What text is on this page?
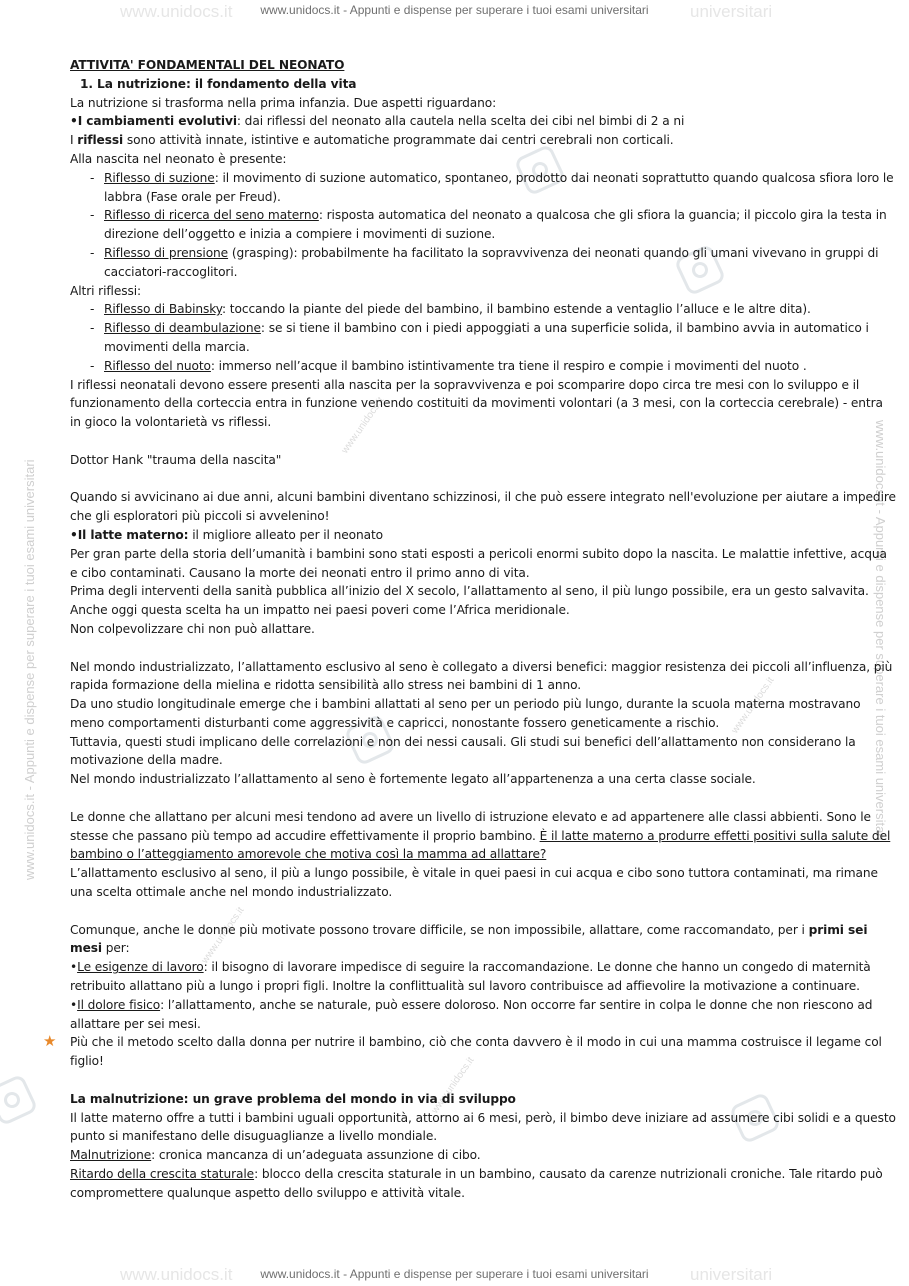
www.unidocs.it - Appunti e dispense per superare i tuoi esami universitari
www.unidocs.it - Appunti e dispense per superare i tuoi esami universitari
www.unidocs.it	universitari
www.unidocs.it	universitari
www.unidocs.it - Appunti e dispense per superare i tuoi esami universitari	www.unidocs.it - Appunti e dispense per superare i tuoi esami universitari
www.unidocs.it
www.unidocs.it
www.unidocs.it
www.unidocs.it
★

ATTIVITA' FONDAMENTALI DEL NEONATO

1. La nutrizione: il fondamento della vita

La nutrizione si trasforma nella prima infanzia. Due aspetti riguardano:

•I cambiamenti evolutivi: dai riflessi del neonato alla cautela nella scelta dei cibi nel bimbi di 2 a ni

I riflessi sono attività innate, istintive e automatiche programmate dai centri cerebrali non corticali.

Alla nascita nel neonato è presente:

- Riflesso di suzione: il movimento di suzione automatico, spontaneo, prodotto dai neonati soprattutto quando qualcosa sfiora loro le labbra (Fase orale per Freud).

- Riflesso di ricerca del seno materno: risposta automatica del neonato a qualcosa che gli sfiora la guancia; il piccolo gira la testa in direzione dell’oggetto e inizia a compiere i movimenti di suzione.

- Riflesso di prensione (grasping): probabilmente ha facilitato la sopravvivenza dei neonati quando gli umani vivevano in gruppi di cacciatori-raccoglitori.

Altri riflessi:

- Riflesso di Babinsky: toccando la piante del piede del bambino, il bambino estende a ventaglio l’alluce e le altre dita).

- Riflesso di deambulazione: se si tiene il bambino con i piedi appoggiati a una superficie solida, il bambino avvia in automatico i movimenti della marcia.

- Riflesso del nuoto: immerso nell’acque il bambino istintivamente tra tiene il respiro e compie i movimenti del nuoto .

I riflessi neonatali devono essere presenti alla nascita per la sopravvivenza e poi scomparire dopo circa tre mesi con lo sviluppo e il funzionamento della corteccia entra in funzione venendo costituiti da movimenti volontari (a 3 mesi, con la corteccia cerebrale) - entra in gioco la volontarietà vs riflessi.

Dottor Hank "trauma della nascita"

Quando si avvicinano ai due anni, alcuni bambini diventano schizzinosi, il che può essere integrato nell'evoluzione per aiutare a impedire che gli esploratori più piccoli si avvelenino!

•Il latte materno: il migliore alleato per il neonato

Per gran parte della storia dell’umanità i bambini sono stati esposti a pericoli enormi subito dopo la nascita. Le malattie infettive, acqua e cibo contaminati. Causano la morte dei neonati entro il primo anno di vita.

Prima degli interventi della sanità pubblica all’inizio del X secolo, l’allattamento al seno, il più lungo possibile, era un gesto salvavita. Anche oggi questa scelta ha un impatto nei paesi poveri come l’Africa meridionale.

Non colpevolizzare chi non può allattare.

Nel mondo industrializzato, l’allattamento esclusivo al seno è collegato a diversi benefici: maggior resistenza dei piccoli all’influenza, più rapida formazione della mielina e ridotta sensibilità allo stress nei bambini di 1 anno.

Da uno studio longitudinale emerge che i bambini allattati al seno per un periodo più lungo, durante la scuola materna mostravano meno comportamenti disturbanti come aggressività e capricci, nonostante fossero geneticamente a rischio.

Tuttavia, questi studi implicano delle correlazioni e non dei nessi causali. Gli studi sui benefici dell’allattamento non considerano la motivazione della madre.

Nel mondo industrializzato l’allattamento al seno è fortemente legato all’appartenenza a una certa classe sociale.

Le donne che allattano per alcuni mesi tendono ad avere un livello di istruzione elevato e ad appartenere alle classi abbienti. Sono le stesse che passano più tempo ad accudire effettivamente il proprio bambino. È il latte materno a produrre effetti positivi sulla salute del bambino o l’atteggiamento amorevole che motiva così la mamma ad allattare?

L’allattamento esclusivo al seno, il più a lungo possibile, è vitale in quei paesi in cui acqua e cibo sono tuttora contaminati, ma rimane una scelta ottimale anche nel mondo industrializzato.

Comunque, anche le donne più motivate possono trovare difficile, se non impossibile, allattare, come raccomandato, per i primi sei mesi per:

•Le esigenze di lavoro: il bisogno di lavorare impedisce di seguire la raccomandazione. Le donne che hanno un congedo di maternità retribuito allattano più a lungo i propri figli. Inoltre la conflittualità sul lavoro contribuisce ad affievolire la motivazione a continuare.

•Il dolore fisico: l’allattamento, anche se naturale, può essere doloroso. Non occorre far sentire in colpa le donne che non riescono ad allattare per sei mesi.

Più che il metodo scelto dalla donna per nutrire il bambino, ciò che conta davvero è il modo in cui una mamma costruisce il legame col figlio!

La malnutrizione: un grave problema del mondo in via di sviluppo

Il latte materno offre a tutti i bambini uguali opportunità, attorno ai 6 mesi, però, il bimbo deve iniziare ad assumere cibi solidi e a questo punto si manifestano delle disuguaglianze a livello mondiale.

Malnutrizione: cronica mancanza di un’adeguata assunzione di cibo.

Ritardo della crescita staturale: blocco della crescita staturale in un bambino, causato da carenze nutrizionali croniche. Tale ritardo può compromettere qualunque aspetto dello sviluppo e attività vitale.
